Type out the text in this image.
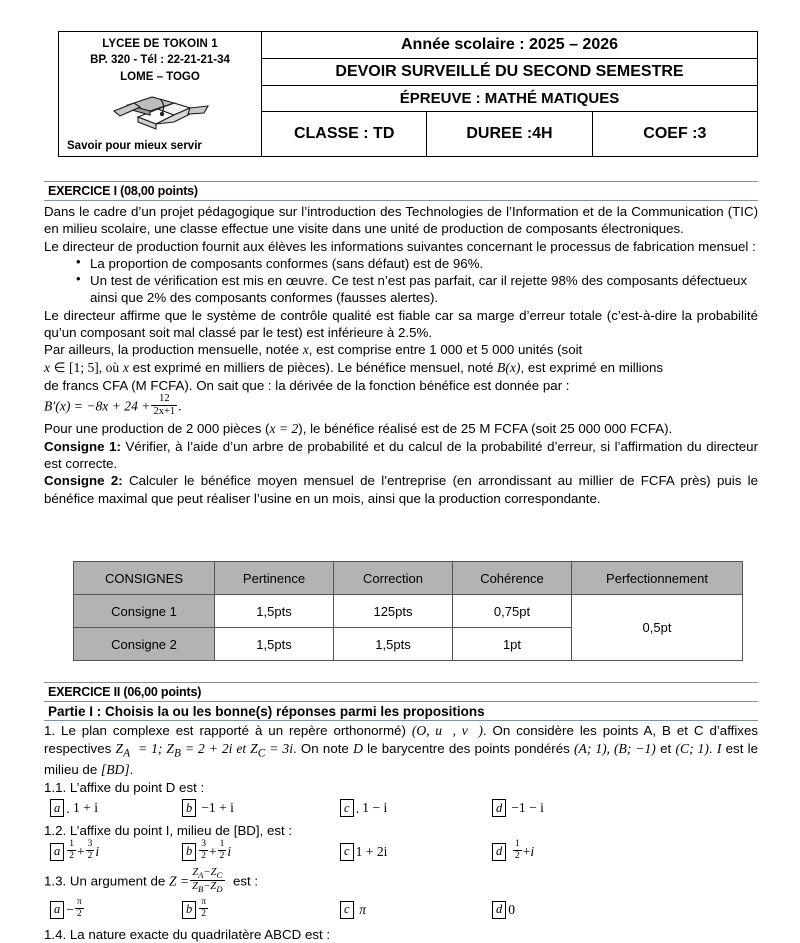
LYCEE DE TOKOIN 1
BP. 320 - Tél : 22-21-21-34
LOME – TOGO
Savoir pour mieux servir	Année scolaire : 2025 – 2026		
	DEVOIR SURVEILLÉ DU SECOND SEMESTRE		
	ÉPREUVE : MATHÉ MATIQUES		
	CLASSE : TD	DUREE :4H	COEF :3
EXERCICE I (08,00 points)

Dans le cadre d’un projet pédagogique sur l’introduction des Technologies de l’Information et de la Communication (TIC) en milieu scolaire, une classe effectue une visite dans une unité de production de composants électroniques.

Le directeur de production fournit aux élèves les informations suivantes concernant le processus de fabrication mensuel :

• La proportion de composants conformes (sans défaut) est de 96%.
• Un test de vérification est mis en œuvre. Ce test n’est pas parfait, car il rejette 98% des composants défectueux ainsi que 2% des composants conformes (fausses alertes).

Le directeur affirme que le système de contrôle qualité est fiable car sa marge d’erreur totale (c’est-à-dire la probabilité qu’un composant soit mal classé par le test) est inférieure à 2.5%.

Par ailleurs, la production mensuelle, notée x, est comprise entre 1 000 et 5 000 unités (soit

x ∈ [1; 5], où x est exprimé en milliers de pièces). Le bénéfice mensuel, noté B(x), est exprimé en millions

de francs CFA (M FCFA). On sait que : la dérivée de la fonction bénéfice est donnée par :

$B'(x) = -8x + 24 + \frac{12}{2x+1}$ .

Pour une production de 2 000 pièces (x = 2), le bénéfice réalisé est de 25 M FCFA (soit 25 000 000 FCFA).

Consigne 1: Vérifier, à l’aide d’un arbre de probabilité et du calcul de la probabilité d’erreur, si l’affirmation du directeur est correcte.

Consigne 2: Calculer le bénéfice moyen mensuel de l’entreprise (en arrondissant au millier de FCFA près) puis le bénéfice maximal que peut réaliser l’usine en un mois, ainsi que la production correspondante.

CONSIGNES	Pertinence	Correction	Cohérence	Perfectionnement
Consigne 1	1,5pts	125pts	0,75pt	0,5pt
Consigne 2	1,5pts	1,5pts	1pt	
EXERCICE II (06,00 points)
Partie I : Choisis la ou les bonne(s) réponses parmi les propositions

1. Le plan complexe est rapporté à un repère orthonormé) (O, u⃗, v⃗). On considère les points A, B et C d’affixes respectives $Z_A = 1$; $Z_B = 2 + 2i$ et $Z_C = 3i$. On note D le barycentre des points pondérés (A; 1), (B; −1) et (C; 1). I est le milieu de [BD].

1.1. L’affixe du point D est :

a . 1 + i	b −1 + i	c . 1 − i	d −1 − i

1.2. L’affixe du point I, milieu de [BD], est :

a $\frac{1}{2} + \frac{3}{2}$ i	b $\frac{3}{2} + \frac{1}{2}$ i	c 1 + 2i	d
	$\frac{1}{2} + i$

1.3. Un argument de $Z = \frac{Z_A-Z_C}{Z_B-Z_D}$ est :

$a - \frac{\pi}{2}$	b $\frac{\pi}{2}$	c
π	d 0

1.4. La nature exacte du quadrilatère ABCD est :
